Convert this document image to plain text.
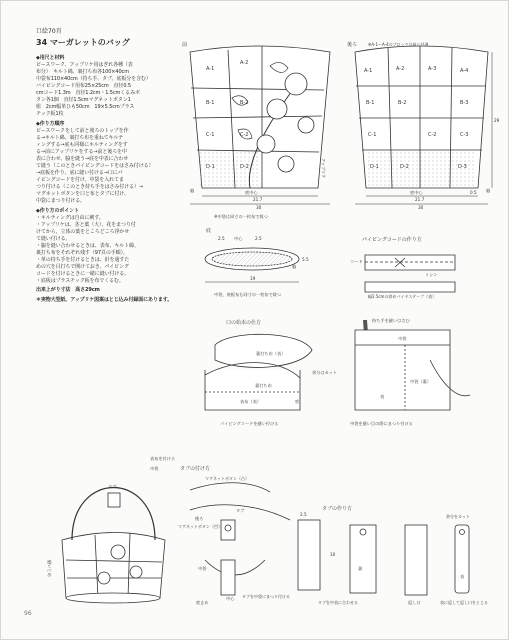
口絵70頁
34 マーガレットのバッグ
◆用尺と材料
ピースワーク、アップリケ用はぎれ各種（表
布分）　キルト綿、裏打ち布各100×40cm
中袋布110×40cm（持ち手、タブ、底板分を含む）
バイピングコード用布25×25cm　直径0.5
cmコード1.3m　直径1.2cm・1.5cmくるみボ
タン各1個　直径1.5cmマグネットボタン1
組　2cm幅革ひも50cm　19×5.5cmプラス
チック板1枚
◆作り方順序
ピースワークをして前と後ろのトップを作
る→キルト綿、裏打ち布を重ねてキルテ
ィングする→底も同様にキルティングをす
る→前にアップリケをする→前と後ろを中
表に合わせ、脇を縫う→底を中表に合わせ
て縫う（このときパイピングコードをはさみ付ける）
→底板を作り、底に縫い付ける→口にパ
イピングコードを付け、中袋を入れてま
つり付ける（このとき持ち手をはさみ付ける）→
マグネットボタンを口と布とタブに付け、
中袋にまつり付ける。
◆作り方のポイント
・キルティングは自由に刺す。
・アップリケは、茎と葉（大）、花をまつり付
けてから、立体の葉をところどころ浮かせ
て縫い付ける。
・脇を縫い合わせるときは、表布、キルト綿、
裏打ち布をそれぞれ残す（97頁の手順）。
・革の持ち手を付けるときは、針を通すた
めの穴を目打ちで開けておき、パイピング
コードを付けるときに一緒に縫い付ける。
・底板はプラスチック板を布でくるむ。
出来上がり寸法　高さ29cm
＊実物大型紙、アップリケ図案はとじ込み付録面にあります。
前
A-1
A-2
B-1	B-2
C-1	C-2
D-1	D-2	アップリケ
脇	底中心
21.7
30
※中袋は同寸の一枚布で裁つ
後ろ	※A-1〜A-4のブロックは前と共通
A-1	A-2	A-3	A-4
B-1	B-2	B-3
C-1	C-2	C-3
D-1	D-2	D-3
29
脇
底中心	0.5
21.7
30
底
2.5 中心	2.5
5.5
脇
19
中袋、底板布も同寸の一枚布で裁つ
パイピングコードの作り方
コード
ミシン
幅2.5cmの斜めバイヤステープ（表）
口の始末の仕方
裏打ち布（表）
裏打ち布
表布（表）	底
パイピングコードを縫い付ける
余分はカット
持ち手を縫いはさむ
中袋
中袋（裏）
表
中袋を縫い目の際にまつり付ける
タブ
縫いとめ
表布を付ける
中袋	タブの付け方
マグネットボタン（凸）
マグネットボタン（凹）
後ろ
タブ
中心
中袋
底止め
タブを中袋にまつり付ける
タブの作り方
2.5
10
表
裏
タブを中表に合わせる
余分をカット
返し口	表に返して返し口をとじる
96
